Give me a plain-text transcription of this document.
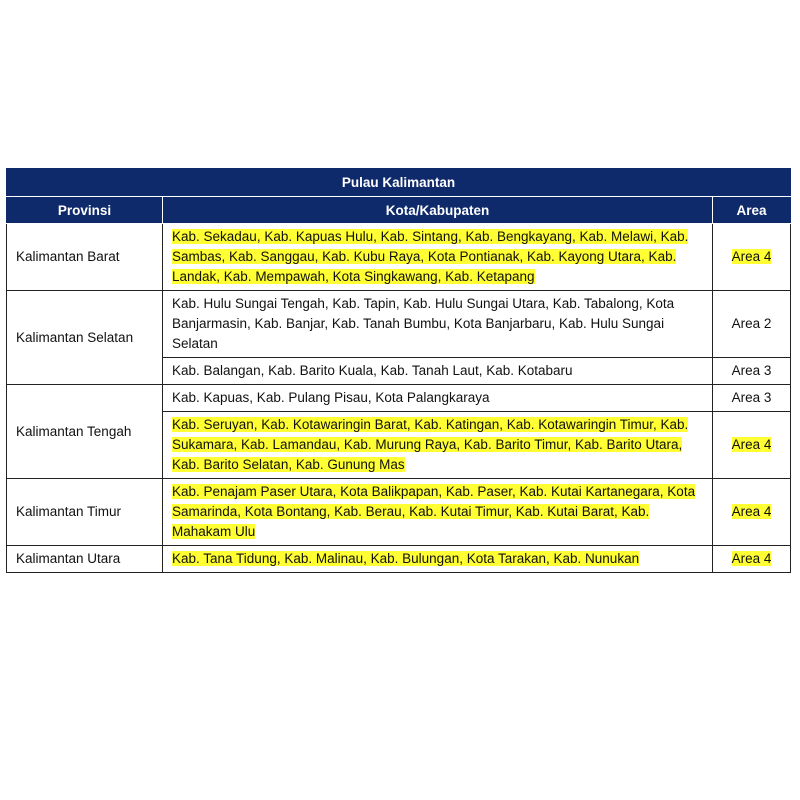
Pulau Kalimantan		
Provinsi	Kota/Kabupaten	Area
Kalimantan Barat	Kab. Sekadau, Kab. Kapuas Hulu, Kab. Sintang, Kab. Bengkayang, Kab. Melawi, Kab. Sambas, Kab. Sanggau, Kab. Kubu Raya, Kota Pontianak, Kab. Kayong Utara, Kab. Landak, Kab. Mempawah, Kota Singkawang, Kab. Ketapang	Area 4
Kalimantan Selatan	Kab. Hulu Sungai Tengah, Kab. Tapin, Kab. Hulu Sungai Utara, Kab. Tabalong, Kota Banjarmasin, Kab. Banjar, Kab. Tanah Bumbu, Kota Banjarbaru, Kab. Hulu Sungai Selatan	Area 2
	Kab. Balangan, Kab. Barito Kuala, Kab. Tanah Laut, Kab. Kotabaru	Area 3
Kalimantan Tengah	Kab. Kapuas, Kab. Pulang Pisau, Kota Palangkaraya	Area 3
	Kab. Seruyan, Kab. Kotawaringin Barat, Kab. Katingan, Kab. Kotawaringin Timur, Kab. Sukamara, Kab. Lamandau, Kab. Murung Raya, Kab. Barito Timur, Kab. Barito Utara, Kab. Barito Selatan, Kab. Gunung Mas	Area 4
Kalimantan Timur	Kab. Penajam Paser Utara, Kota Balikpapan, Kab. Paser, Kab. Kutai Kartanegara, Kota Samarinda, Kota Bontang, Kab. Berau, Kab. Kutai Timur, Kab. Kutai Barat, Kab. Mahakam Ulu	Area 4
Kalimantan Utara	Kab. Tana Tidung, Kab. Malinau, Kab. Bulungan, Kota Tarakan, Kab. Nunukan	Area 4
